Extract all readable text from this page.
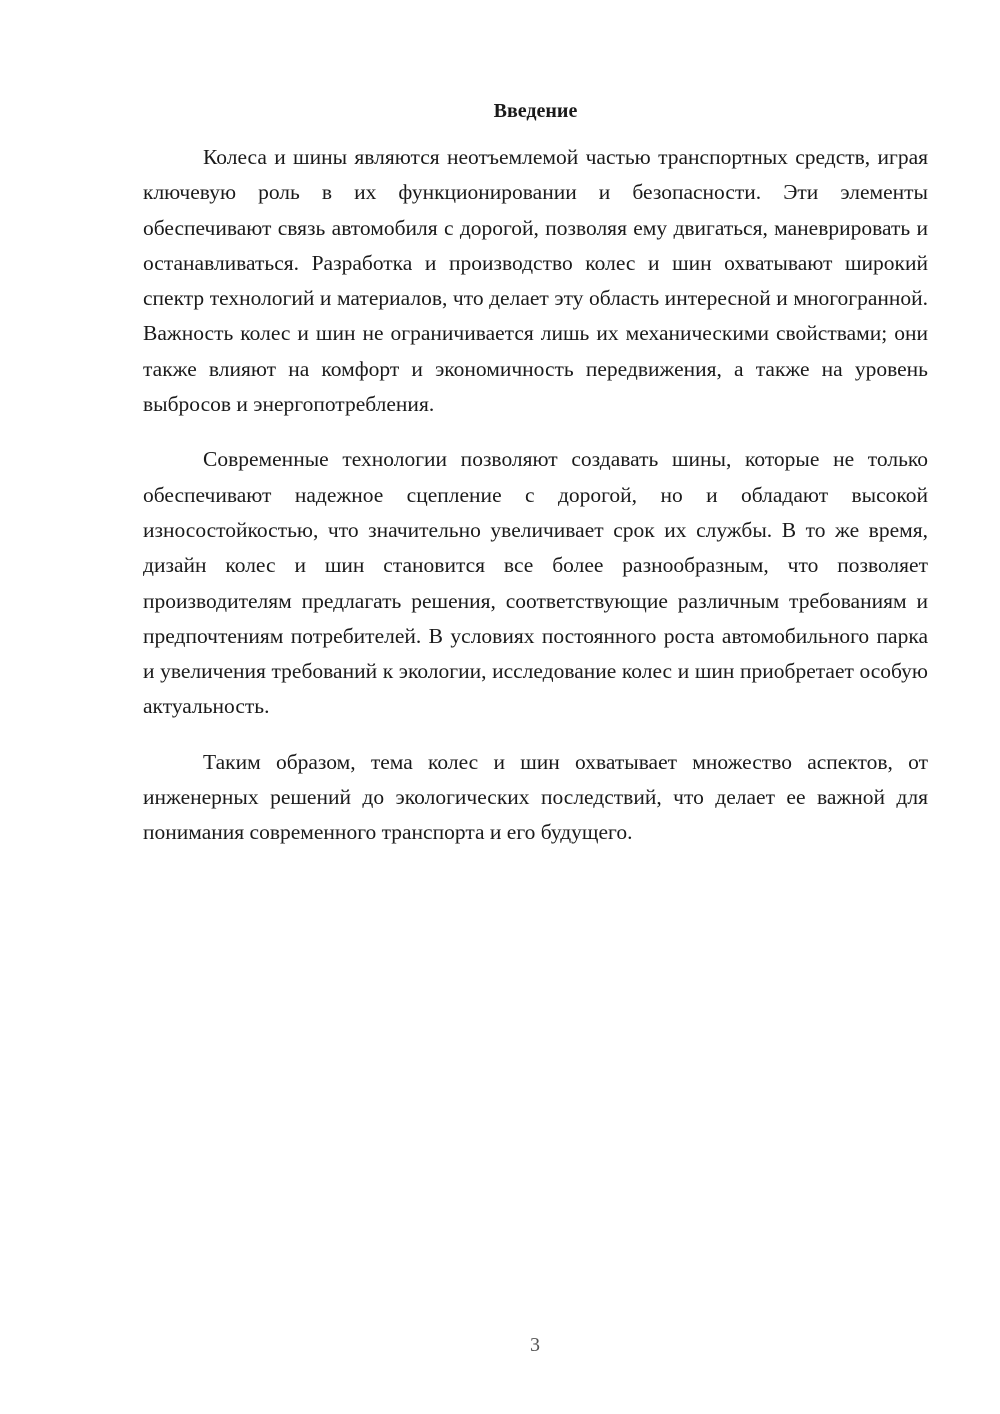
Введение

Колеса и шины являются неотъемлемой частью транспортных средств, играя ключевую роль в их функционировании и безопасности. Эти элементы обеспечивают связь автомобиля с дорогой, позволяя ему двигаться, маневрировать и останавливаться. Разработка и производство колес и шин охватывают широкий спектр технологий и материалов, что делает эту область интересной и многогранной. Важность колес и шин не ограничивается лишь их механическими свойствами; они также влияют на комфорт и экономичность передвижения, а также на уровень выбросов и энергопотребления.

Современные технологии позволяют создавать шины, которые не только обеспечивают надежное сцепление с дорогой, но и обладают высокой износостойкостью, что значительно увеличивает срок их службы. В то же время, дизайн колес и шин становится все более разнообразным, что позволяет производителям предлагать решения, соответствующие различным требованиям и предпочтениям потребителей. В условиях постоянного роста автомобильного парка и увеличения требований к экологии, исследование колес и шин приобретает особую актуальность.

Таким образом, тема колес и шин охватывает множество аспектов, от инженерных решений до экологических последствий, что делает ее важной для понимания современного транспорта и его будущего.

3
